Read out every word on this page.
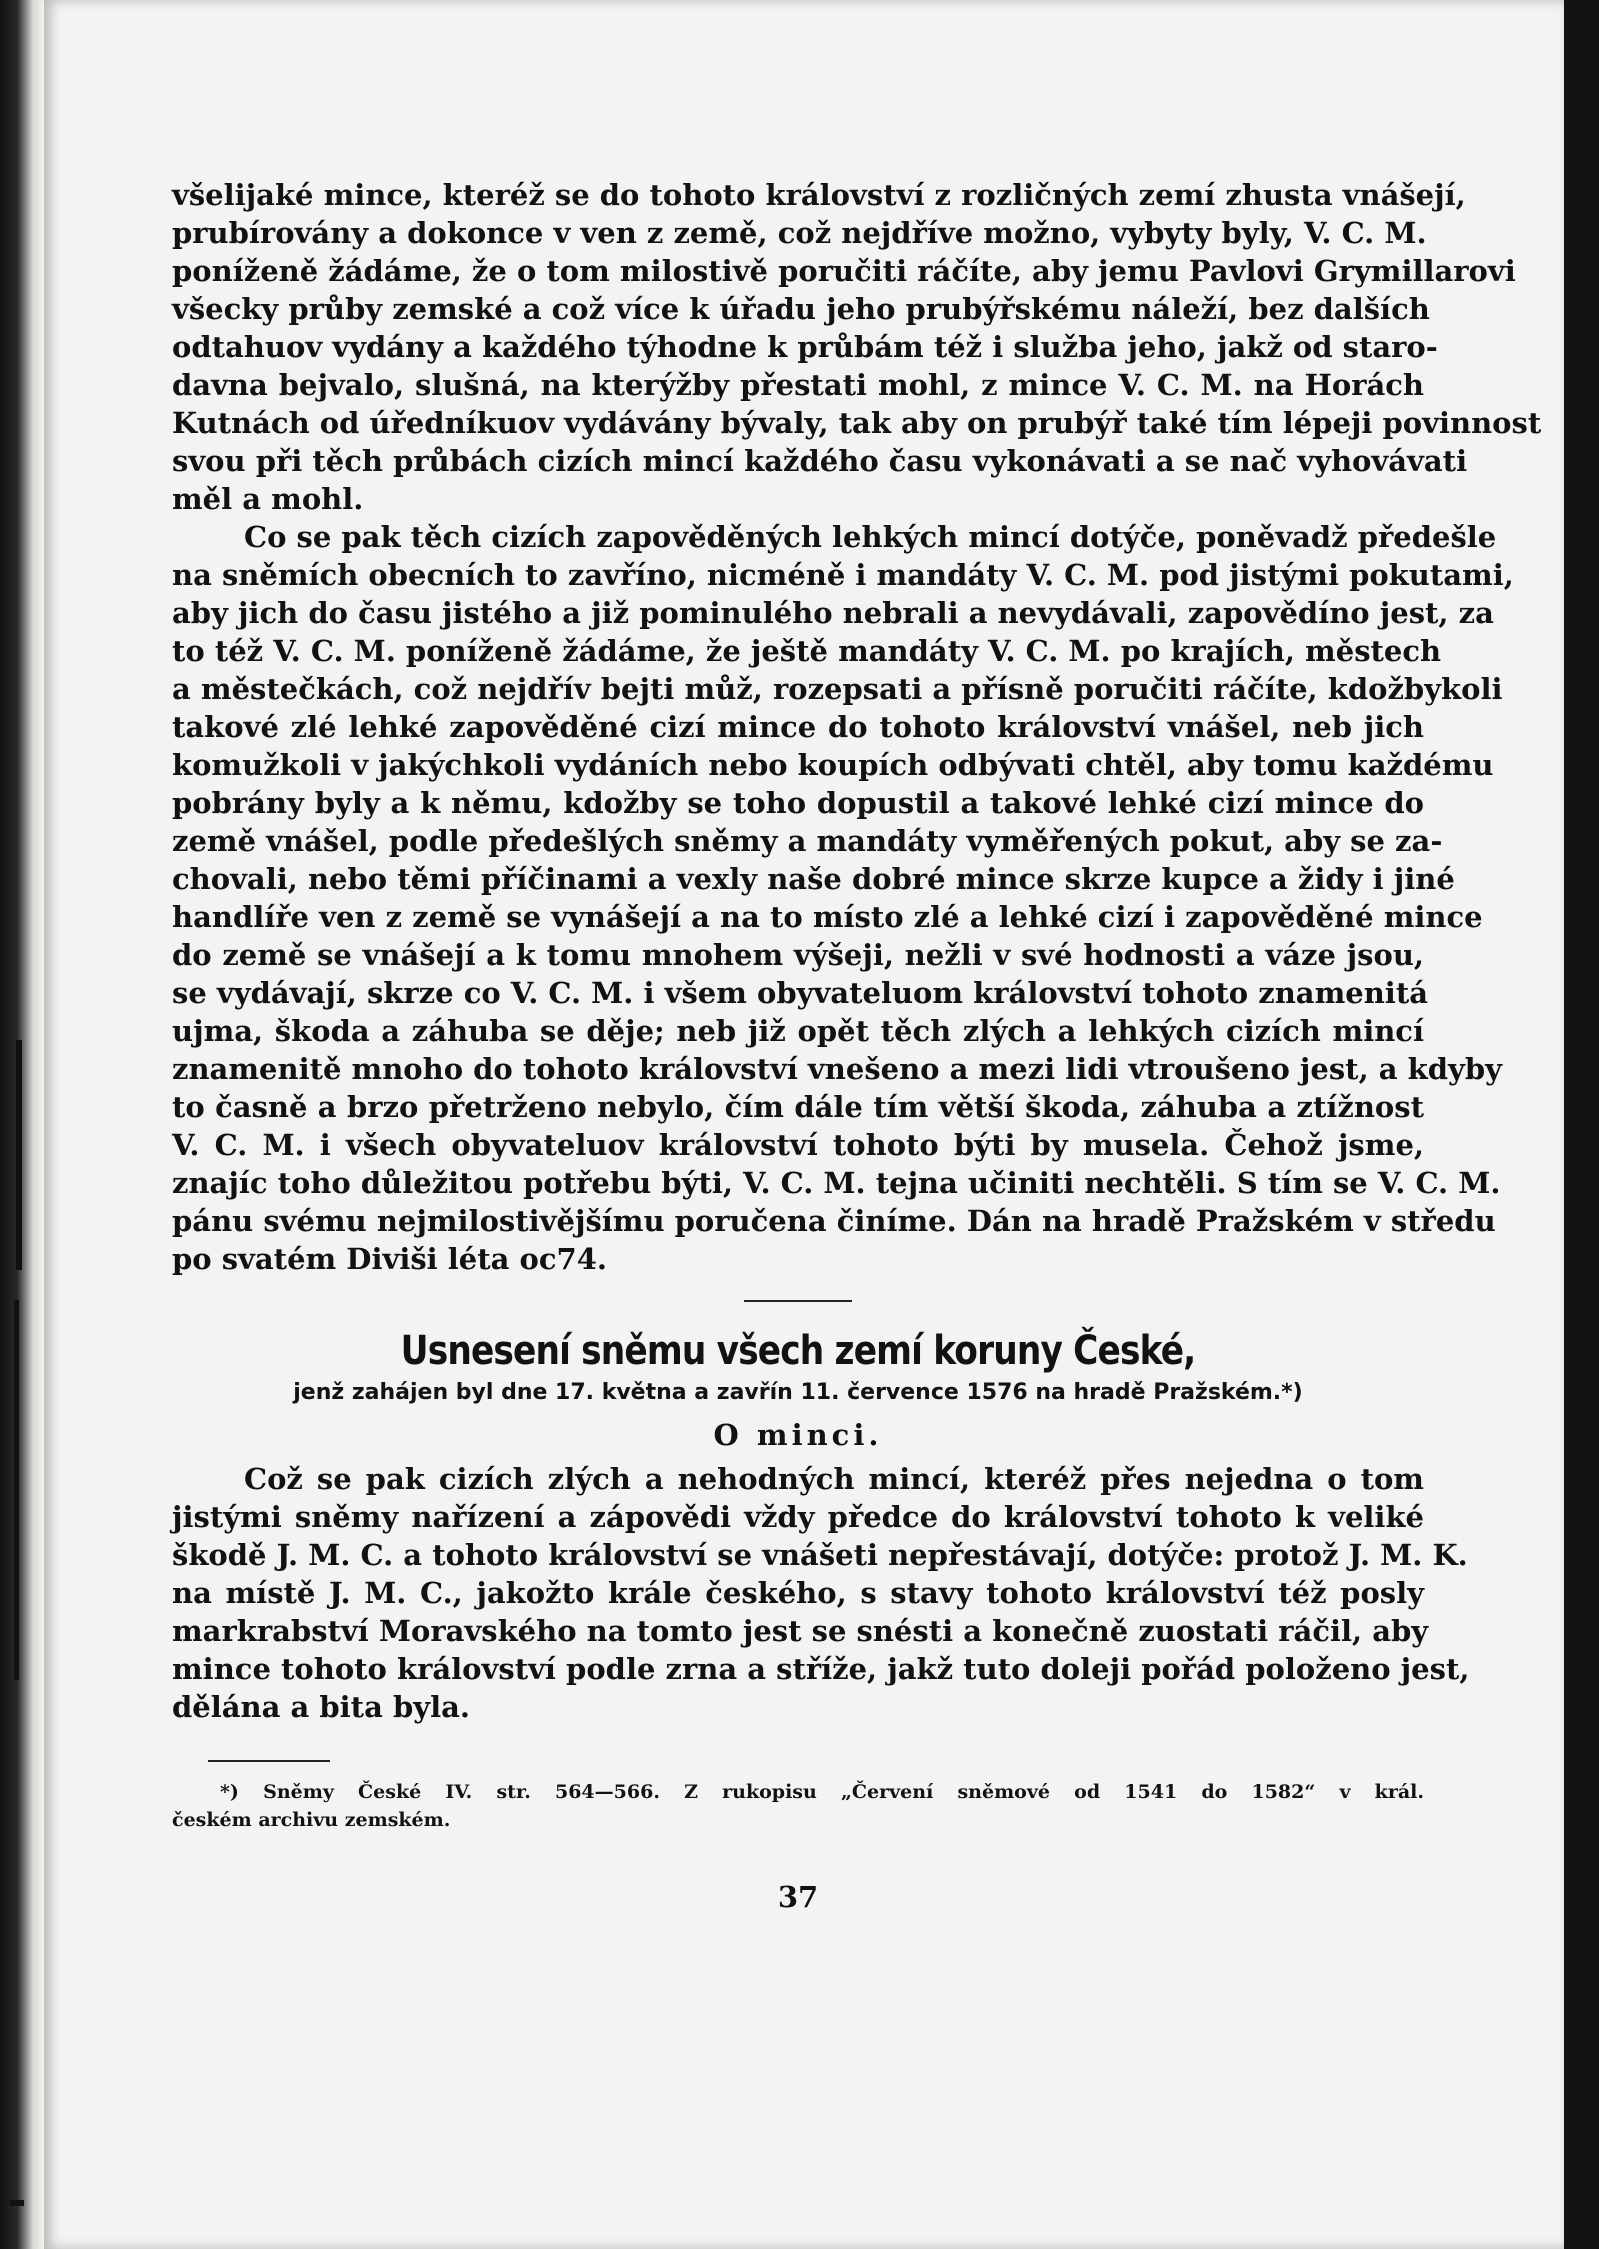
všelijaké mince, kteréž se do tohoto království z rozličných zemí zhusta vnášejí,
prubírovány a dokonce v ven z země, což nejdříve možno, vybyty byly, V. C. M.
poníženě žádáme, že o tom milostivě poručiti ráčíte, aby jemu Pavlovi Grymillarovi
všecky průby zemské a což více k úřadu jeho prubýřskému náleží, bez dalších
odtahuov vydány a každého týhodne k průbám též i služba jeho, jakž od staro-
davna bejvalo, slušná, na kterýžby přestati mohl, z mince V. C. M. na Horách
Kutnách od úředníkuov vydávány bývaly, tak aby on prubýř také tím lépeji povinnost
svou při těch průbách cizích mincí každého času vykonávati a se nač vyhovávati
měl a mohl.
Co se pak těch cizích zapověděných lehkých mincí dotýče, poněvadž předešle
na sněmích obecních to zavříno, nicméně i mandáty V. C. M. pod jistými pokutami,
aby jich do času jistého a již pominulého nebrali a nevydávali, zapovědíno jest, za
to též V. C. M. poníženě žádáme, že ještě mandáty V. C. M. po krajích, městech
a městečkách, což nejdřív bejti můž, rozepsati a přísně poručiti ráčíte, kdožbykoli
takové zlé lehké zapověděné cizí mince do tohoto království vnášel, neb jich
komužkoli v jakýchkoli vydáních nebo koupích odbývati chtěl, aby tomu každému
pobrány byly a k němu, kdožby se toho dopustil a takové lehké cizí mince do
země vnášel, podle předešlých sněmy a mandáty vyměřených pokut, aby se za-
chovali, nebo těmi příčinami a vexly naše dobré mince skrze kupce a židy i jiné
handlíře ven z země se vynášejí a na to místo zlé a lehké cizí i zapověděné mince
do země se vnášejí a k tomu mnohem výšeji, nežli v své hodnosti a váze jsou,
se vydávají, skrze co V. C. M. i všem obyvateluom království tohoto znamenitá
ujma, škoda a záhuba se děje; neb již opět těch zlých a lehkých cizích mincí
znamenitě mnoho do tohoto království vnešeno a mezi lidi vtroušeno jest, a kdyby
to časně a brzo přetrženo nebylo, čím dále tím větší škoda, záhuba a ztížnost
V. C. M. i všech obyvateluov království tohoto býti by musela. Čehož jsme,
znajíc toho důležitou potřebu býti, V. C. M. tejna učiniti nechtěli. S tím se V. C. M.
pánu svému nejmilostivějšímu poručena činíme. Dán na hradě Pražském v středu
po svatém Diviši léta oc74.
Usnesení sněmu všech zemí koruny České,
jenž zahájen byl dne 17. května a zavřín 11. července 1576 na hradě Pražském.*)
O minci.
Což se pak cizích zlých a nehodných mincí, kteréž přes nejedna o tom
jistými sněmy nařízení a zápovědi vždy předce do království tohoto k veliké
škodě J. M. C. a tohoto království se vnášeti nepřestávají, dotýče: protož J. M. K.
na místě J. M. C., jakožto krále českého, s stavy tohoto království též posly
markrabství Moravského na tomto jest se snésti a konečně zuostati ráčil, aby
mince tohoto království podle zrna a stříže, jakž tuto doleji pořád položeno jest,
dělána a bita byla.
*) Sněmy České IV. str. 564—566. Z rukopisu „Červení sněmové od 1541 do 1582“ v král.
českém archivu zemském.
37
